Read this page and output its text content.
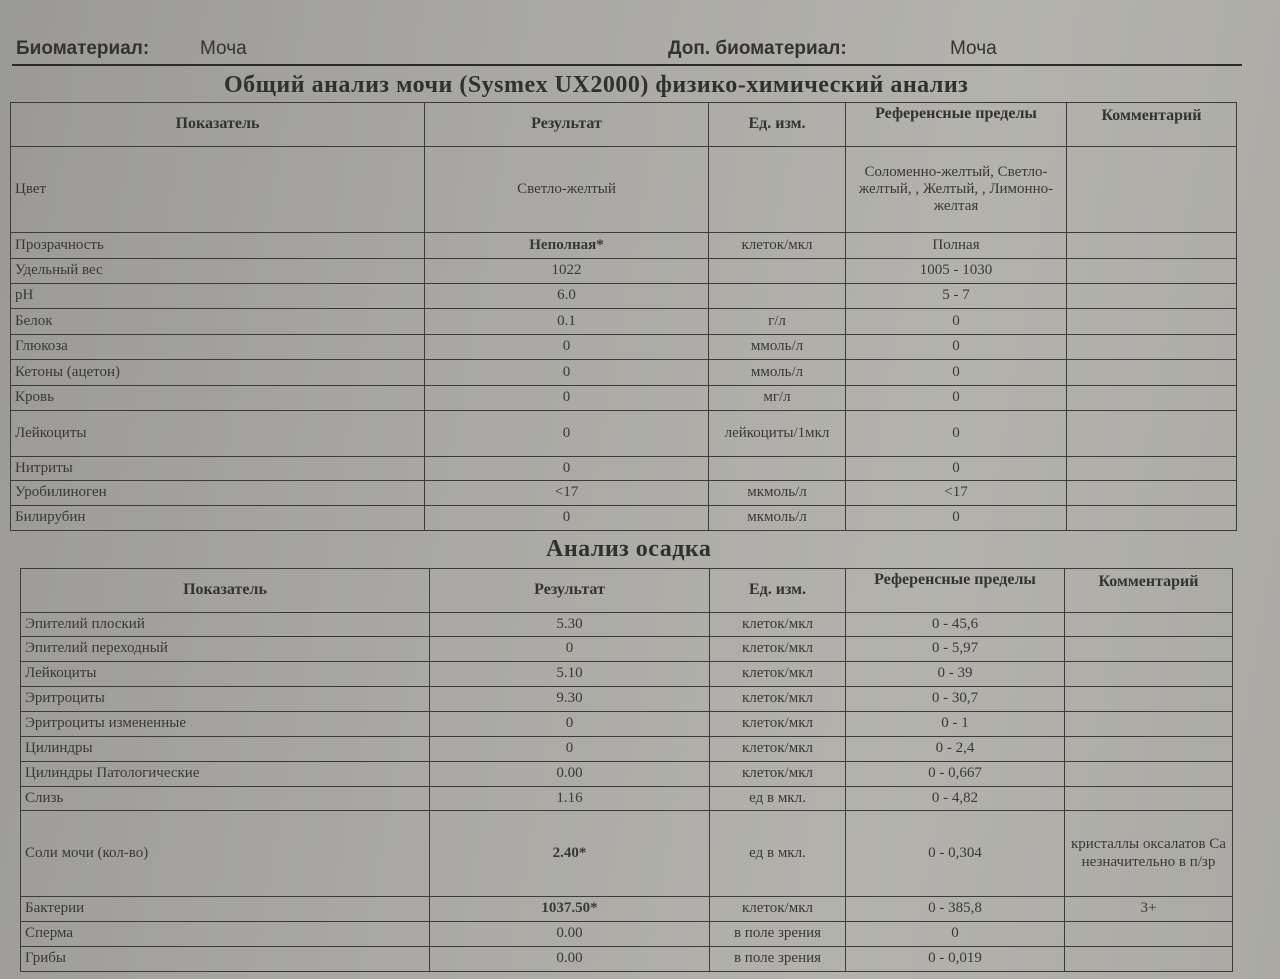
Биоматериал:	Моча	Доп. биоматериал:	Моча
Общий анализ мочи (Sysmex UX2000) физико-химический анализ
Показатель	Результат	Ед. изм.	Референсные пределы	Комментарий
Цвет	Светло-желтый		Соломенно-желтый, Светло-желтый, , Желтый, , Лимонно-желтая	
Прозрачность	Неполная*	клеток/мкл	Полная	
Удельный вес	1022		1005 - 1030	
pH	6.0		5 - 7	
Белок	0.1	г/л	0	
Глюкоза	0	ммоль/л	0	
Кетоны (ацетон)	0	ммоль/л	0	
Кровь	0	мг/л	0	
Лейкоциты	0	лейкоциты/1мкл	0	
Нитриты	0		0	
Уробилиноген	<17	мкмоль/л	<17	
Билирубин	0	мкмоль/л	0	
Анализ осадка
Показатель	Результат	Ед. изм.	Референсные пределы	Комментарий
Эпителий плоский	5.30	клеток/мкл	0 - 45,6	
Эпителий переходный	0	клеток/мкл	0 - 5,97	
Лейкоциты	5.10	клеток/мкл	0 - 39	
Эритроциты	9.30	клеток/мкл	0 - 30,7	
Эритроциты измененные	0	клеток/мкл	0 - 1	
Цилиндры	0	клеток/мкл	0 - 2,4	
Цилиндры Патологические	0.00	клеток/мкл	0 - 0,667	
Слизь	1.16	ед в мкл.	0 - 4,82	
Соли мочи (кол-во)	2.40*	ед в мкл.	0 - 0,304	кристаллы оксалатов Са незначительно в п/зр
Бактерии	1037.50*	клеток/мкл	0 - 385,8	3+
Сперма	0.00	в поле зрения	0	
Грибы	0.00	в поле зрения	0 - 0,019	
